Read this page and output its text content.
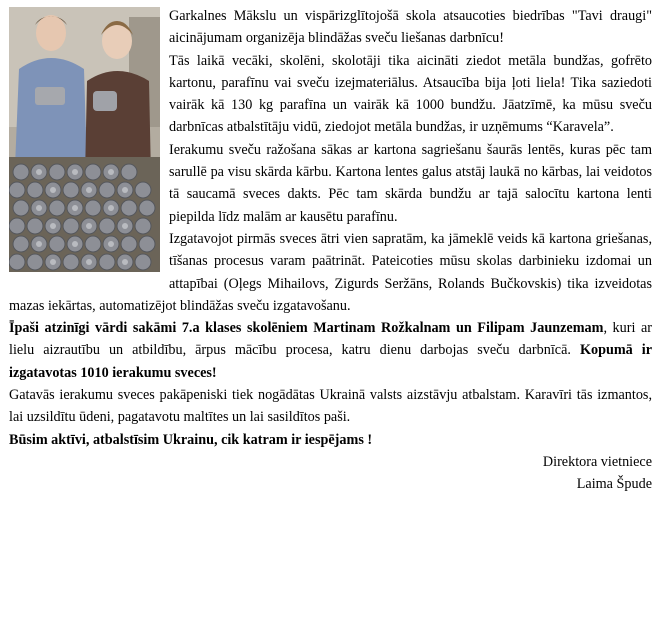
Garkalnes Mākslu un vispārizglītojošā skola atsaucoties biedrības "Tavi draugi" aicinājumam organizēja blindāžas sveču liešanas darbnīcu!

Tās laikā vecāki, skolēni, skolotāji tika aicināti ziedot metāla bundžas, gofrēto kartonu, parafīnu vai sveču izejmateriālus. Atsaucība bija ļoti liela! Tika saziedoti vairāk kā 130 kg parafīna un vairāk kā 1000 bundžu. Jāatzīmē, ka mūsu sveču darbnīcas atbalstītāju vidū, ziedojot metāla bundžas, ir uzņēmums “Karavela”.

Ierakumu sveču ražošana sākas ar kartona sagriešanu šaurās lentēs, kuras pēc tam sarullē pa visu skārda kārbu. Kartona lentes galus atstāj laukā no kārbas, lai veidotos tā saucamā sveces dakts. Pēc tam skārda bundžu ar tajā salocītu kartona lenti piepilda līdz malām ar kausētu parafīnu.

Izgatavojot pirmās sveces ātri vien sapratām, ka jāmeklē veids kā kartona griešanas, tīšanas procesus varam paātrināt. Pateicoties mūsu skolas darbinieku izdomai un attapībai (Oļegs Mihailovs, Zigurds Seržāns, Rolands Bučkovskis) tika izveidotas mazas iekārtas, automatizējot blindāžas sveču izgatavošanu.

Īpaši atzinīgi vārdi sakāmi 7.a klases skolēniem Martinam Rožkalnam un Filipam Jaunzemam, kuri ar lielu aizrautību un atbildību, ārpus mācību procesa, katru dienu darbojas sveču darbnīcā. Kopumā ir izgatavotas 1010 ierakumu sveces!

Gatavās ierakumu sveces pakāpeniski tiek nogādātas Ukrainā valsts aizstāvju atbalstam. Karavīri tās izmantos, lai uzsildītu ūdeni, pagatavotu maltītes un lai sasildītos paši.

Būsim aktīvi, atbalstīsim Ukrainu, cik katram ir iespējams !

Direktora vietniece

Laima Špude
